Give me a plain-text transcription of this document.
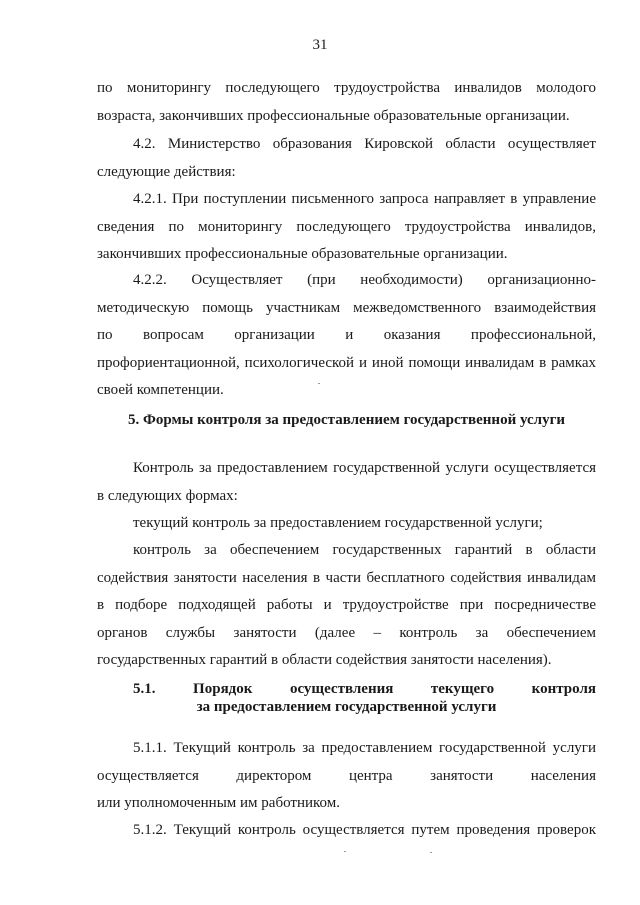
31
по мониторингу последующего трудоустройства инвалидов молодого
возраста, закончивших профессиональные образовательные организации.
4.2. Министерство образования Кировской области осуществляет
следующие действия:
4.2.1. При поступлении письменного запроса направляет в управление
сведения по мониторингу последующего трудоустройства инвалидов,
закончивших профессиональные образовательные организации.
4.2.2. Осуществляет (при необходимости) организационно-
методическую помощь участникам межведомственного взаимодействия
по вопросам организации и оказания профессиональной,
профориентационной, психологической и иной помощи инвалидам в рамках
своей компетенции.
5. Формы контроля за предоставлением государственной услуги
Контроль за предоставлением государственной услуги осуществляется
в следующих формах:
текущий контроль за предоставлением государственной услуги;
контроль за обеспечением государственных гарантий в области
содействия занятости населения в части бесплатного содействия инвалидам
в подборе подходящей работы и трудоустройстве при посредничестве
органов службы занятости (далее – контроль за обеспечением
государственных гарантий в области содействия занятости населения).
5.1. Порядок осуществления текущего контроля
за предоставлением государственной услуги
5.1.1. Текущий контроль за предоставлением государственной услуги
осуществляется директором центра занятости населения
или уполномоченным им работником.
5.1.2. Текущий контроль осуществляется путем проведения проверок
